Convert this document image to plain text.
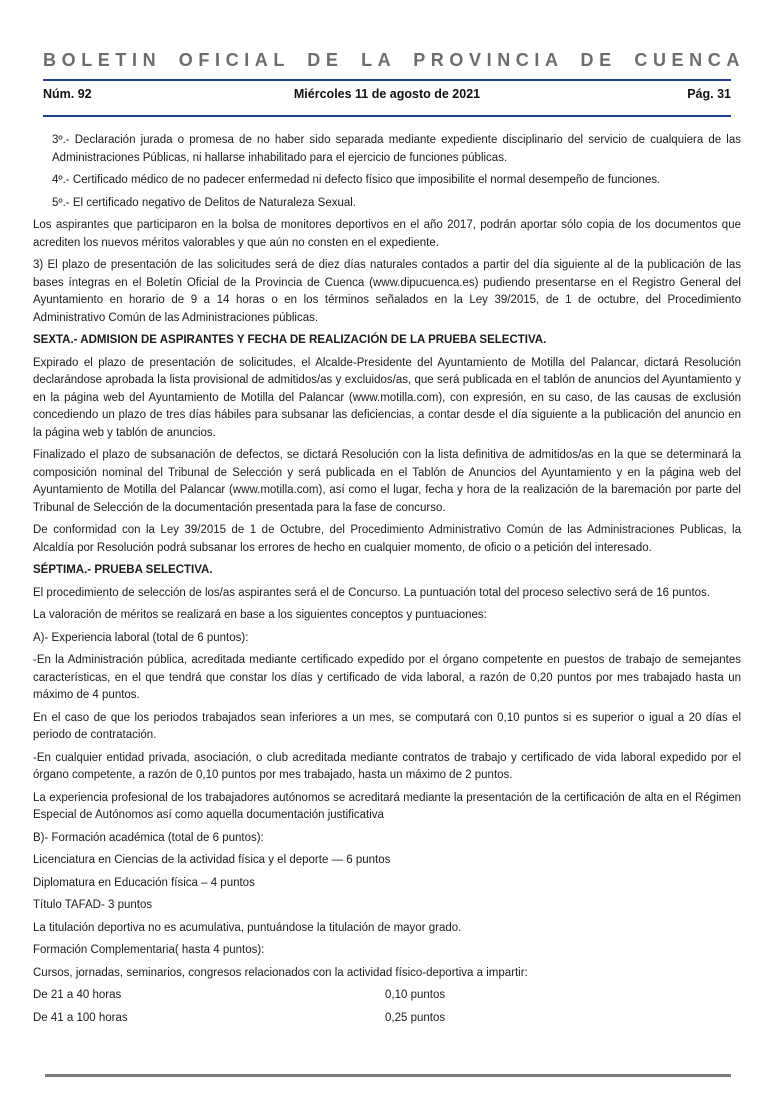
BOLETIN OFICIAL DE LA PROVINCIA DE CUENCA
Núm. 92	Miércoles 11 de agosto de 2021	Pág. 31

3º.- Declaración jurada o promesa de no haber sido separada mediante expediente disciplinario del servicio de cualquiera de las Administraciones Públicas, ni hallarse inhabilitado para el ejercicio de funciones públicas.

4º.- Certificado médico de no padecer enfermedad ni defecto físico que imposibilite el normal desempeño de funciones.

5º.- El certificado negativo de Delitos de Naturaleza Sexual.

Los aspirantes que participaron en la bolsa de monitores deportivos en el año 2017, podrán aportar sólo copia de los documentos que acrediten los nuevos méritos valorables y que aún no consten en el expediente.

3) El plazo de presentación de las solicitudes será de diez días naturales contados a partir del día siguiente al de la publicación de las bases íntegras en el Boletín Oficial de la Provincia de Cuenca (www.dipucuenca.es) pudiendo presentarse en el Registro General del Ayuntamiento en horario de 9 a 14 horas o en los términos señalados en la Ley 39/2015, de 1 de octubre, del Procedimiento Administrativo Común de las Administraciones públicas.

SEXTA.- ADMISION DE ASPIRANTES Y FECHA DE REALIZACIÓN DE LA PRUEBA SELECTIVA.

Expirado el plazo de presentación de solicitudes, el Alcalde-Presidente del Ayuntamiento de Motilla del Palancar, dictará Resolución declarándose aprobada la lista provisional de admitidos/as y excluidos/as, que será publicada en el tablón de anuncios del Ayuntamiento y en la página web del Ayuntamiento de Motilla del Palancar (www.motilla.com), con expresión, en su caso, de las causas de exclusión concediendo un plazo de tres días hábiles para subsanar las deficiencias, a contar desde el día siguiente a la publicación del anuncio en la página web y tablón de anuncios.

Finalizado el plazo de subsanación de defectos, se dictará Resolución con la lista definitiva de admitidos/as en la que se determinará la composición nominal del Tribunal de Selección y será publicada en el Tablón de Anuncios del Ayuntamiento y en la página web del Ayuntamiento de Motilla del Palancar (www.motilla.com), así como el lugar, fecha y hora de la realización de la baremación por parte del Tribunal de Selección de la documentación presentada para la fase de concurso.

De conformidad con la Ley 39/2015 de 1 de Octubre, del Procedimiento Administrativo Común de las Administraciones Publicas, la Alcaldía por Resolución podrá subsanar los errores de hecho en cualquier momento, de oficio o a petición del interesado.

SÉPTIMA.- PRUEBA SELECTIVA.

El procedimiento de selección de los/as aspirantes será el de Concurso. La puntuación total del proceso selectivo será de 16 puntos.

La valoración de méritos se realizará en base a los siguientes conceptos y puntuaciones:

A)- Experiencia laboral (total de 6 puntos):

-En la Administración pública, acreditada mediante certificado expedido por el órgano competente en puestos de trabajo de semejantes características, en el que tendrá que constar los días y certificado de vida laboral, a razón de 0,20 puntos por mes trabajado hasta un máximo de 4 puntos.

En el caso de que los periodos trabajados sean inferiores a un mes, se computará con 0,10 puntos si es superior o igual a 20 días el periodo de contratación.

-En cualquier entidad privada, asociación, o club acreditada mediante contratos de trabajo y certificado de vida laboral expedido por el órgano competente, a razón de 0,10 puntos por mes trabajado, hasta un máximo de 2 puntos.

La experiencia profesional de los trabajadores autónomos se acreditará mediante la presentación de la certificación de alta en el Régimen Especial de Autónomos así como aquella documentación justificativa

B)- Formación académica (total de 6 puntos):

Licenciatura en Ciencias de la actividad física y el deporte — 6 puntos

Diplomatura en Educación física – 4 puntos

Título TAFAD- 3 puntos

La titulación deportiva no es acumulativa, puntuándose la titulación de mayor grado.

Formación Complementaria( hasta 4 puntos):

Cursos, jornadas, seminarios, congresos relacionados con la actividad físico-deportiva a impartir:

De 21 a 40 horas	0,10 puntos

De 41 a 100 horas	0,25 puntos
